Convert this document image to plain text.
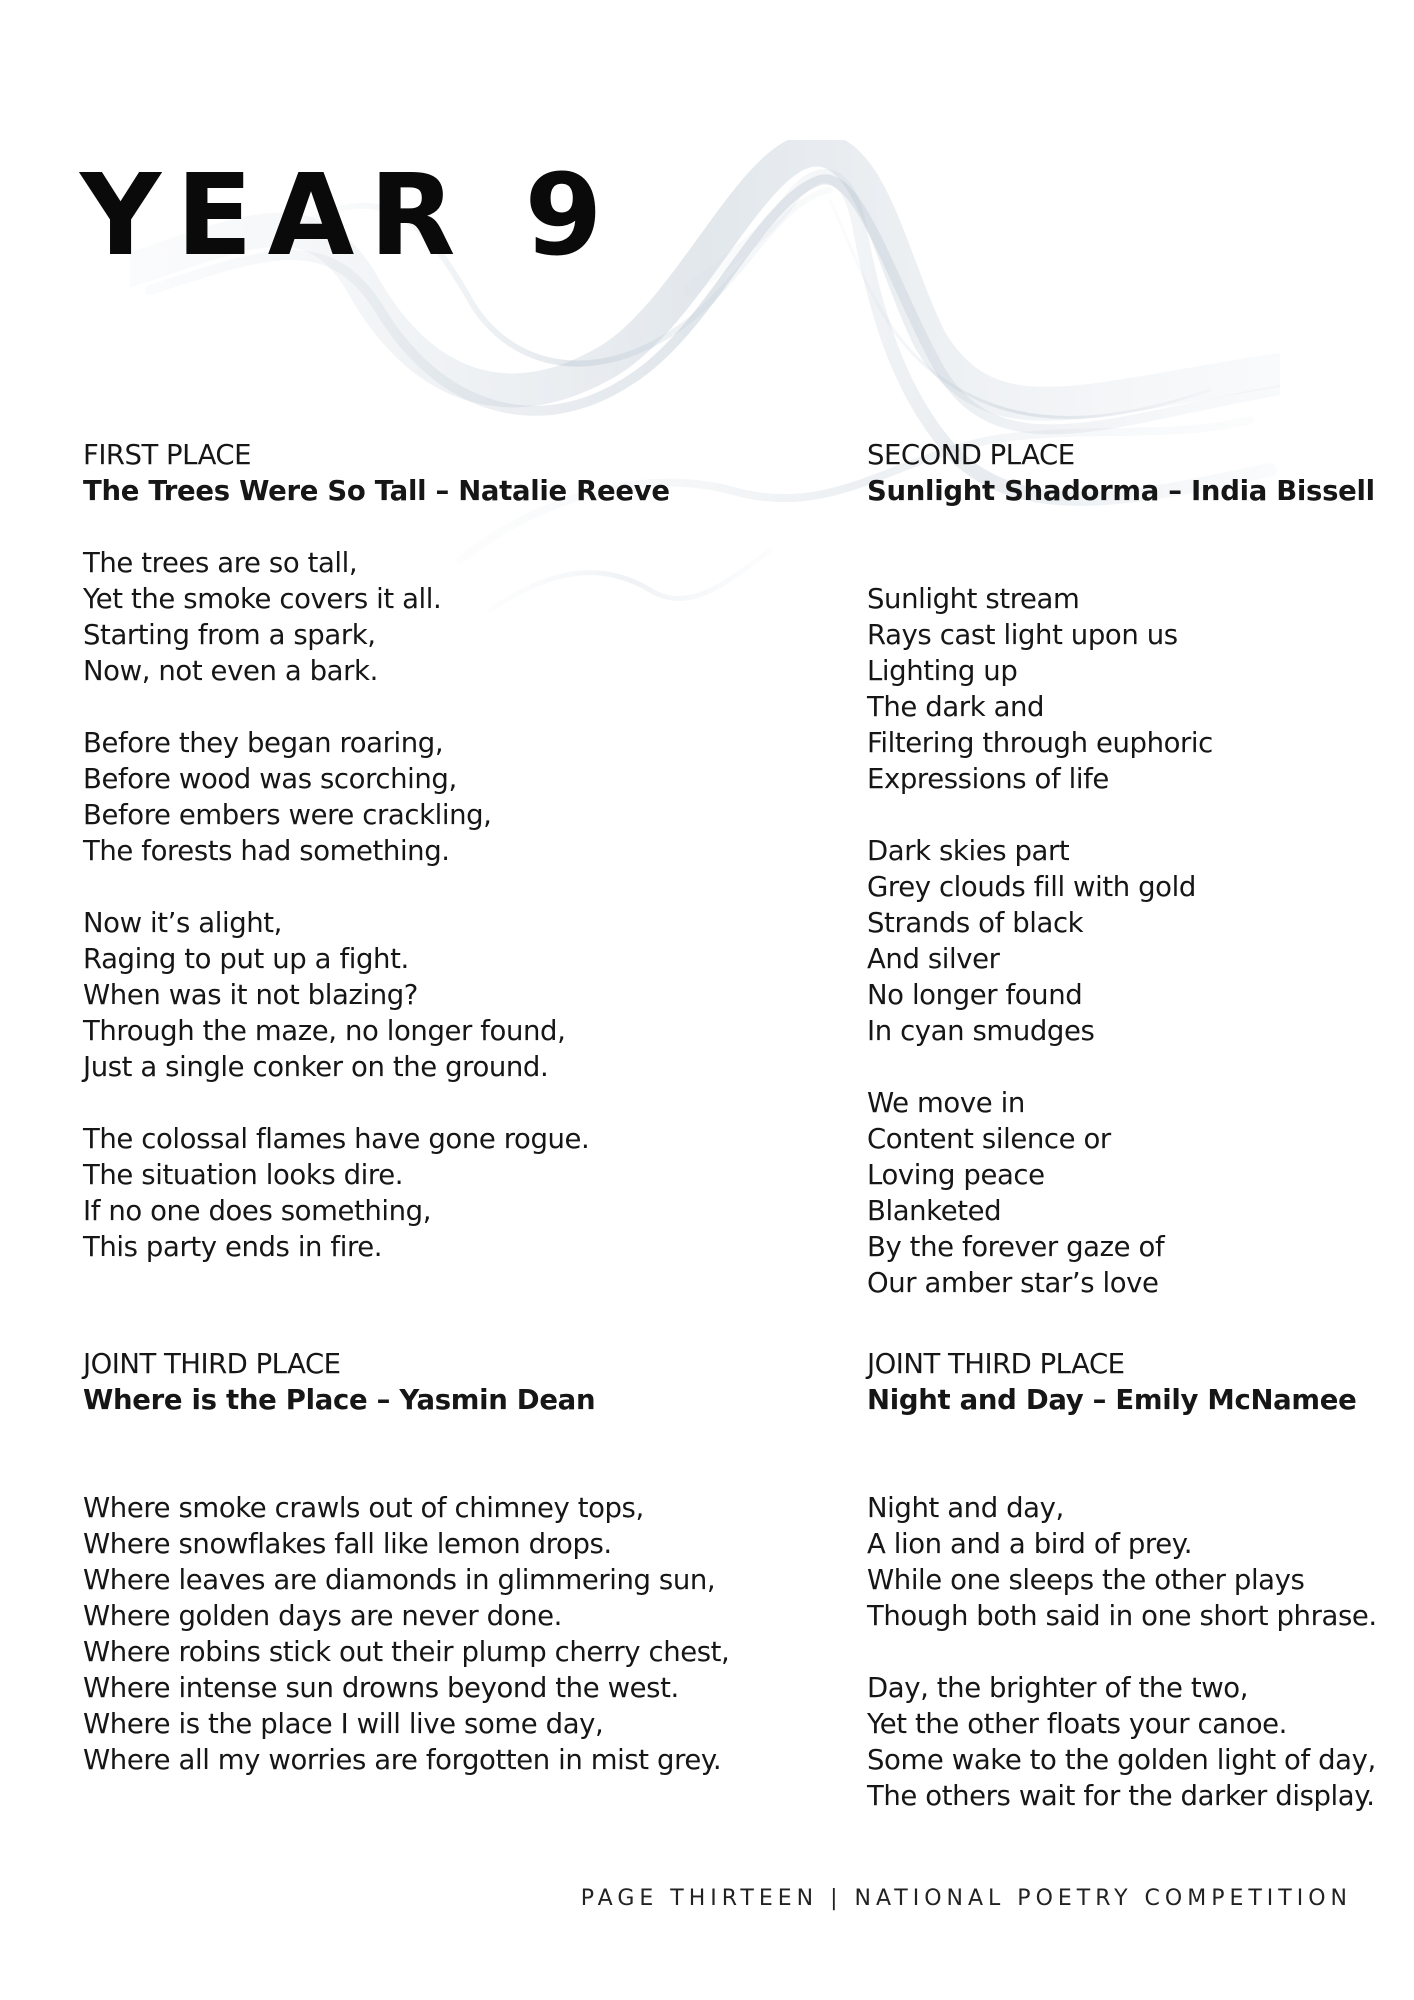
YEAR 9
FIRST PLACE
The Trees Were So Tall – Natalie Reeve
The trees are so tall,
Yet the smoke covers it all.
Starting from a spark,
Now, not even a bark.
Before they began roaring,
Before wood was scorching,
Before embers were crackling,
The forests had something.
Now it’s alight,
Raging to put up a fight.
When was it not blazing?
Through the maze, no longer found,
Just a single conker on the ground.
The colossal flames have gone rogue.
The situation looks dire.
If no one does something,
This party ends in fire.
SECOND PLACE
Sunlight Shadorma – India Bissell
Sunlight stream
Rays cast light upon us
Lighting up
The dark and
Filtering through euphoric
Expressions of life
Dark skies part
Grey clouds fill with gold
Strands of black
And silver
No longer found
In cyan smudges
We move in
Content silence or
Loving peace
Blanketed
By the forever gaze of
Our amber star’s love
JOINT THIRD PLACE
Where is the Place – Yasmin Dean
Where smoke crawls out of chimney tops,
Where snowflakes fall like lemon drops.
Where leaves are diamonds in glimmering sun,
Where golden days are never done.
Where robins stick out their plump cherry chest,
Where intense sun drowns beyond the west.
Where is the place I will live some day,
Where all my worries are forgotten in mist grey.
JOINT THIRD PLACE
Night and Day – Emily McNamee
Night and day,
A lion and a bird of prey.
While one sleeps the other plays
Though both said in one short phrase.
Day, the brighter of the two,
Yet the other floats your canoe.
Some wake to the golden light of day,
The others wait for the darker display.
PAGE THIRTEEN | NATIONAL POETRY COMPETITION
